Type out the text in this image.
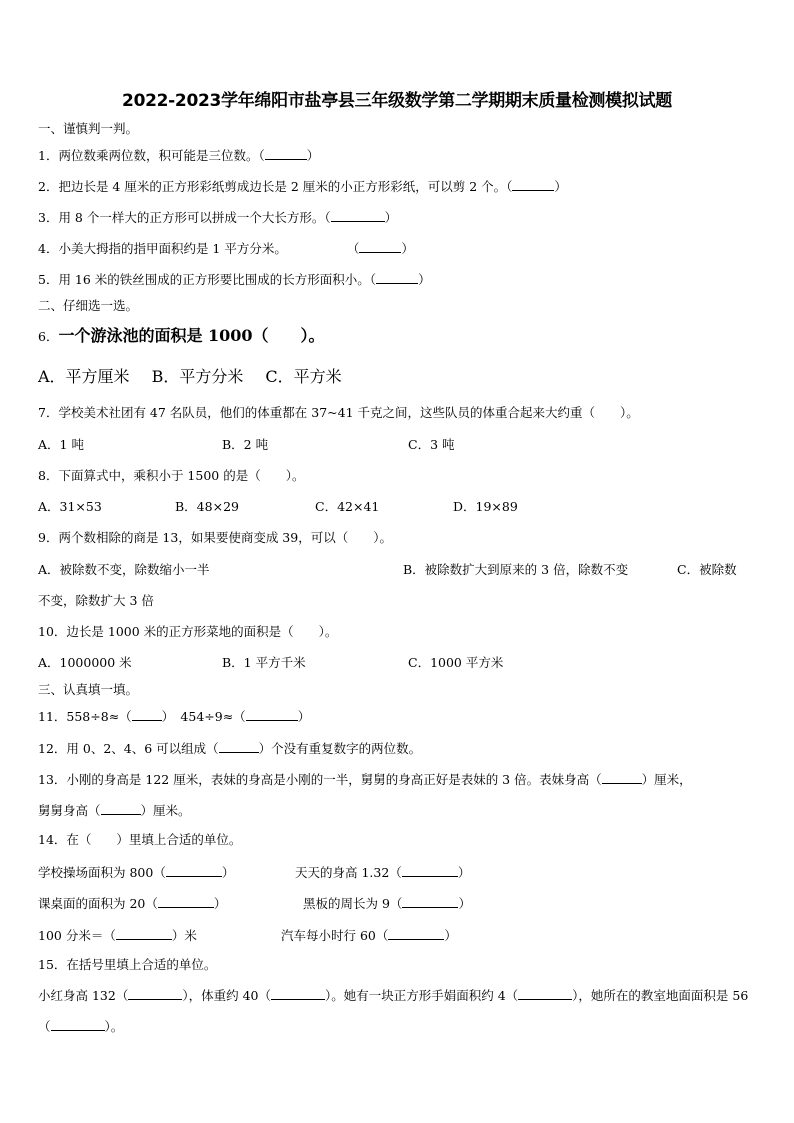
2022-2023学年绵阳市盐亭县三年级数学第二学期期末质量检测模拟试题
一、谨慎判一判。
1．两位数乘两位数，积可能是三位数。（	）
2．把边长是 4 厘米的正方形彩纸剪成边长是 2 厘米的小正方形彩纸，可以剪 2 个。（	）
3．用 8 个一样大的正方形可以拼成一个大长方形。（	）
4．小美大拇指的指甲面积约是 1 平方分米。	（	）
5．用 16 米的铁丝围成的正方形要比围成的长方形面积小。（	）
二、仔细选一选。
6．一个游泳池的面积是 1000（　　）。
A．平方厘米 B．平方分米 C．平方米
7．学校美术社团有 47 名队员，他们的体重都在 37~41 千克之间，这些队员的体重合起来大约重（　　）。
A．1 吨	B．2 吨	C．3 吨
8．下面算式中，乘积小于 1500 的是（　　）。
A．31×53	B．48×29	C．42×41	D．19×89
9．两个数相除的商是 13，如果要使商变成 39，可以（　　）。
A．被除数不变，除数缩小一半	B．被除数扩大到原来的 3 倍，除数不变	C．被除数
不变，除数扩大 3 倍
10．边长是 1000 米的正方形菜地的面积是（　　）。
A．1000000 米	B．1 平方千米	C．1000 平方米
三、认真填一填。
11．558÷8≈（ ）　454÷9≈（	）
12．用 0、2、4、6 可以组成（	）个没有重复数字的两位数。
13．小刚的身高是 122 厘米，表妹的身高是小刚的一半，舅舅的身高正好是表妹的 3 倍。表妹身高（	）厘米，
舅舅身高（	）厘米。
14．在（　　）里填上合适的单位。
学校操场面积为 800（	）	天天的身高 1.32（	）
课桌面的面积为 20（	）	黑板的周长为 9（	）
100 分米＝（	）米	汽车每小时行 60（	）
15．在括号里填上合适的单位。
小红身高 132（	），体重约 40（	）。她有一块正方形手娟面积约 4（	），她所在的教室地面面积是 56（	）。
